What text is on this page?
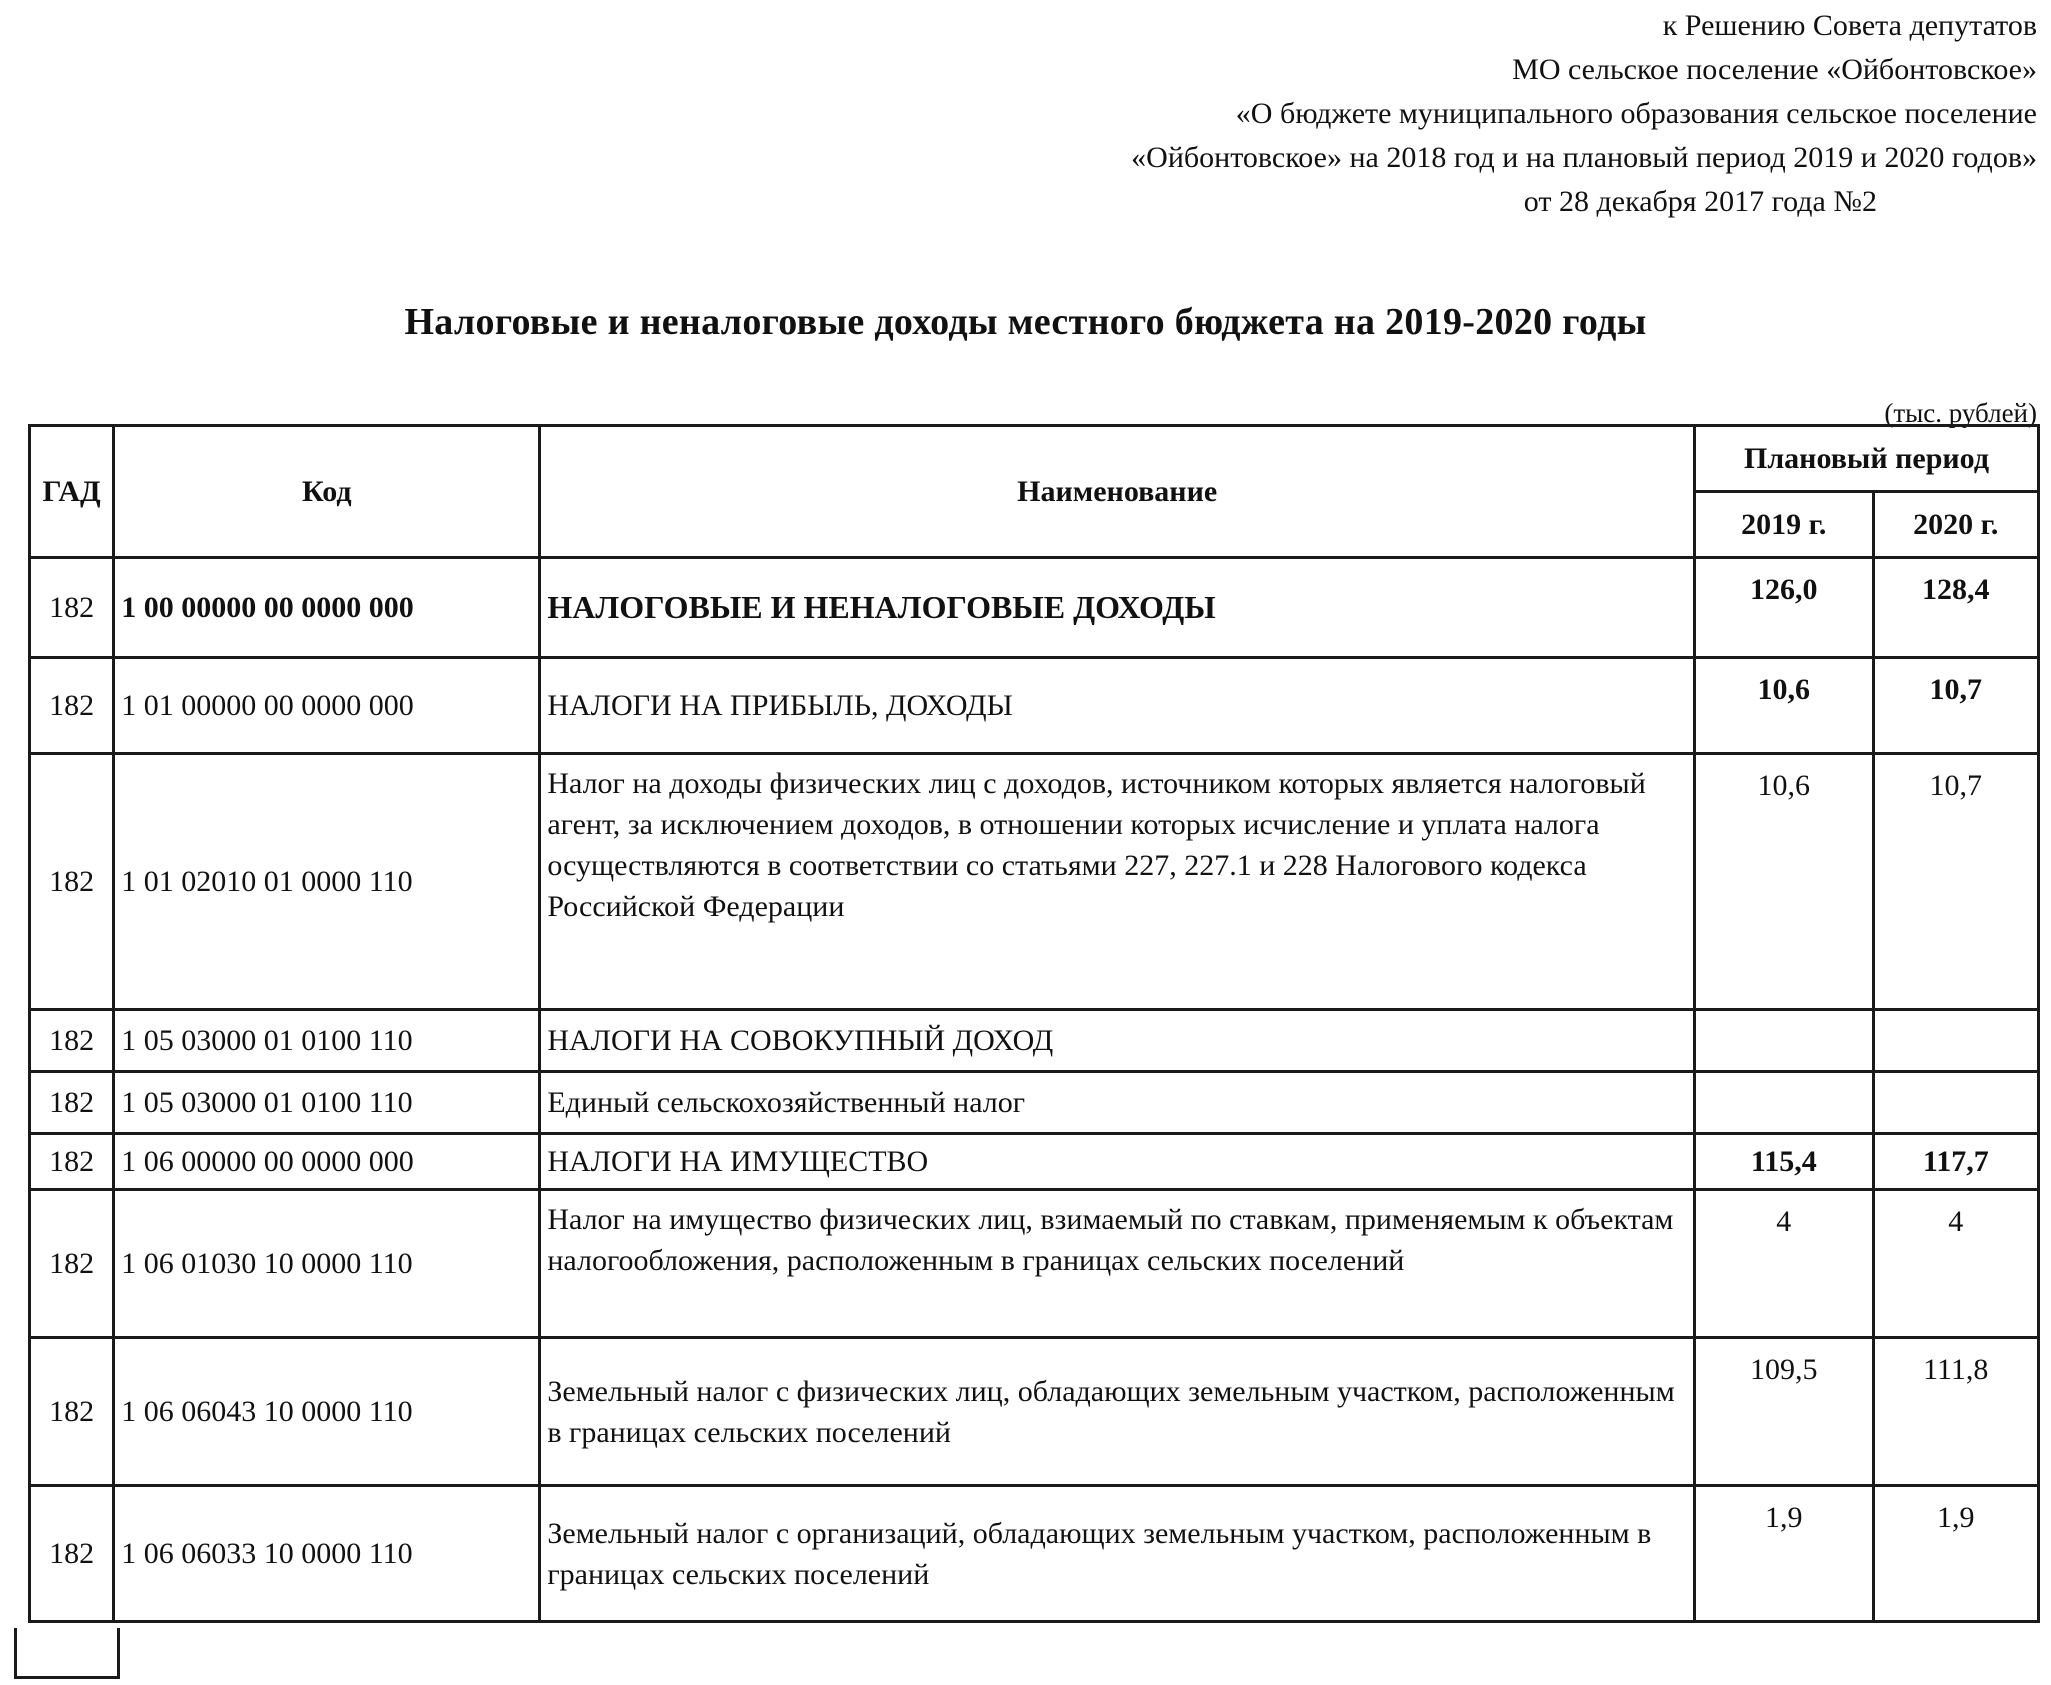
к Решению Совета депутатов
МО сельское поселение «Ойбонтовское»
«О бюджете муниципального образования сельское поселение
«Ойбонтовское» на 2018 год и на плановый период 2019 и 2020 годов»
от 28 декабря 2017 года №2
Налоговые и неналоговые доходы местного бюджета на 2019-2020 годы
(тыс. рублей)
ГАД	Код	Наименование	Плановый период	
			2019 г.	2020 г.
182	1 00 00000 00 0000 000	НАЛОГОВЫЕ И НЕНАЛОГОВЫЕ ДОХОДЫ	126,0	128,4
182	1 01 00000 00 0000 000	НАЛОГИ НА ПРИБЫЛЬ, ДОХОДЫ	10,6	10,7
182	1 01 02010 01 0000 110	Налог на доходы физических лиц с доходов, источником которых является налоговый агент, за исключением доходов, в отношении которых исчисление и уплата налога осуществляются в соответствии со статьями 227, 227.1 и 228 Налогового кодекса Российской Федерации	10,6	10,7
182	1 05 03000 01 0100 110	НАЛОГИ НА СОВОКУПНЫЙ ДОХОД		
182	1 05 03000 01 0100 110	Единый сельскохозяйственный налог		
182	1 06 00000 00 0000 000	НАЛОГИ НА ИМУЩЕСТВО	115,4	117,7
182	1 06 01030 10 0000 110	Налог на имущество физических лиц, взимаемый по ставкам, применяемым к объектам налогообложения, расположенным в границах сельских поселений	4	4
182	1 06 06043 10 0000 110	Земельный налог с физических лиц, обладающих земельным участком, расположенным в границах сельских поселений	109,5	111,8
182	1 06 06033 10 0000 110	Земельный налог с организаций, обладающих земельным участком, расположенным в границах сельских поселений	1,9	1,9
